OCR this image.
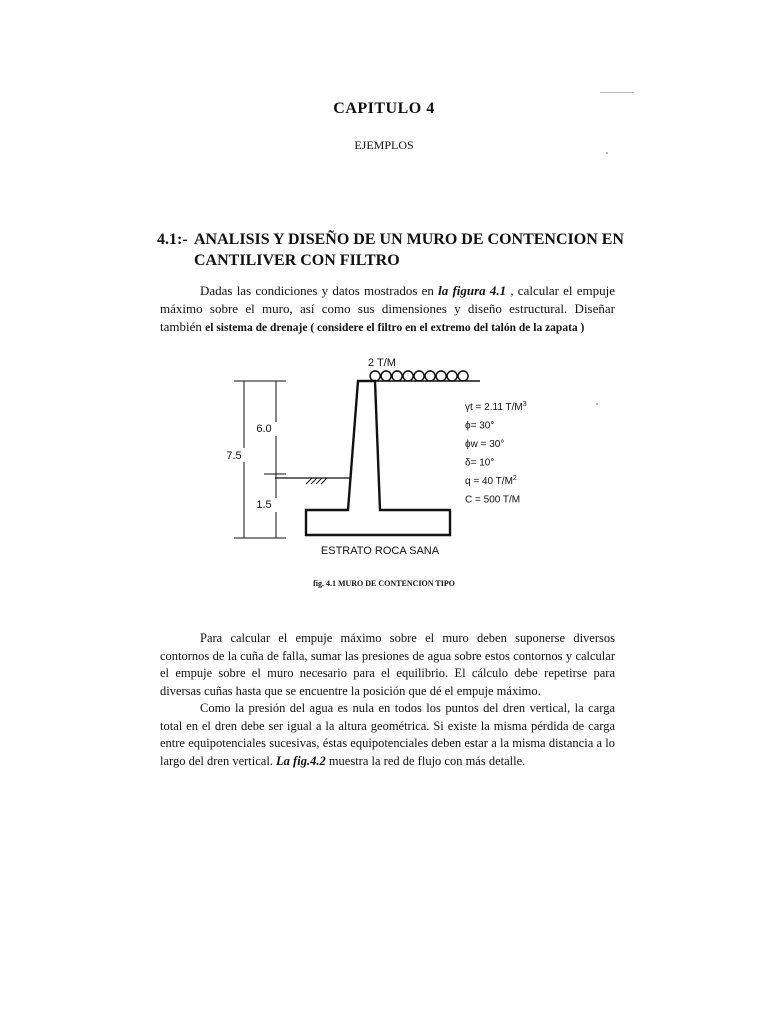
CAPITULO 4
EJEMPLOS
4.1:- ANALISIS Y DISEÑO DE UN MURO DE CONTENCION EN
CANTILIVER CON FILTRO
Dadas las condiciones y datos mostrados en la figura 4.1 , calcular el empuje máximo sobre el muro, así como sus dimensiones y diseño estructural. Diseñar también el sistema de drenaje ( considere el filtro en el extremo del talón de la zapata )
2 T/M
6.0
7.5
1.5
ESTRATO ROCA SANA
γt = 2.11 $T/M^3$
ϕ= 30°
ϕw = 30°
δ= 10°
q = 40 $T/M^2$
C = 500 T/M
fig. 4.1 MURO DE CONTENCION TIPO

Para calcular el empuje máximo sobre el muro deben suponerse diversos contornos de la cuña de falla, sumar las presiones de agua sobre estos contornos y calcular el empuje sobre el muro necesario para el equilibrio. El cálculo debe repetirse para diversas cuñas hasta que se encuentre la posición que dé el empuje máximo.

Como la presión del agua es nula en todos los puntos del dren vertical, la carga total en el dren debe ser igual a la altura geométrica. Si existe la misma pérdida de carga entre equipotenciales sucesivas, éstas equipotenciales deben estar a la misma distancia a lo largo del dren vertical. La fig.4.2 muestra la red de flujo con más detalle.
